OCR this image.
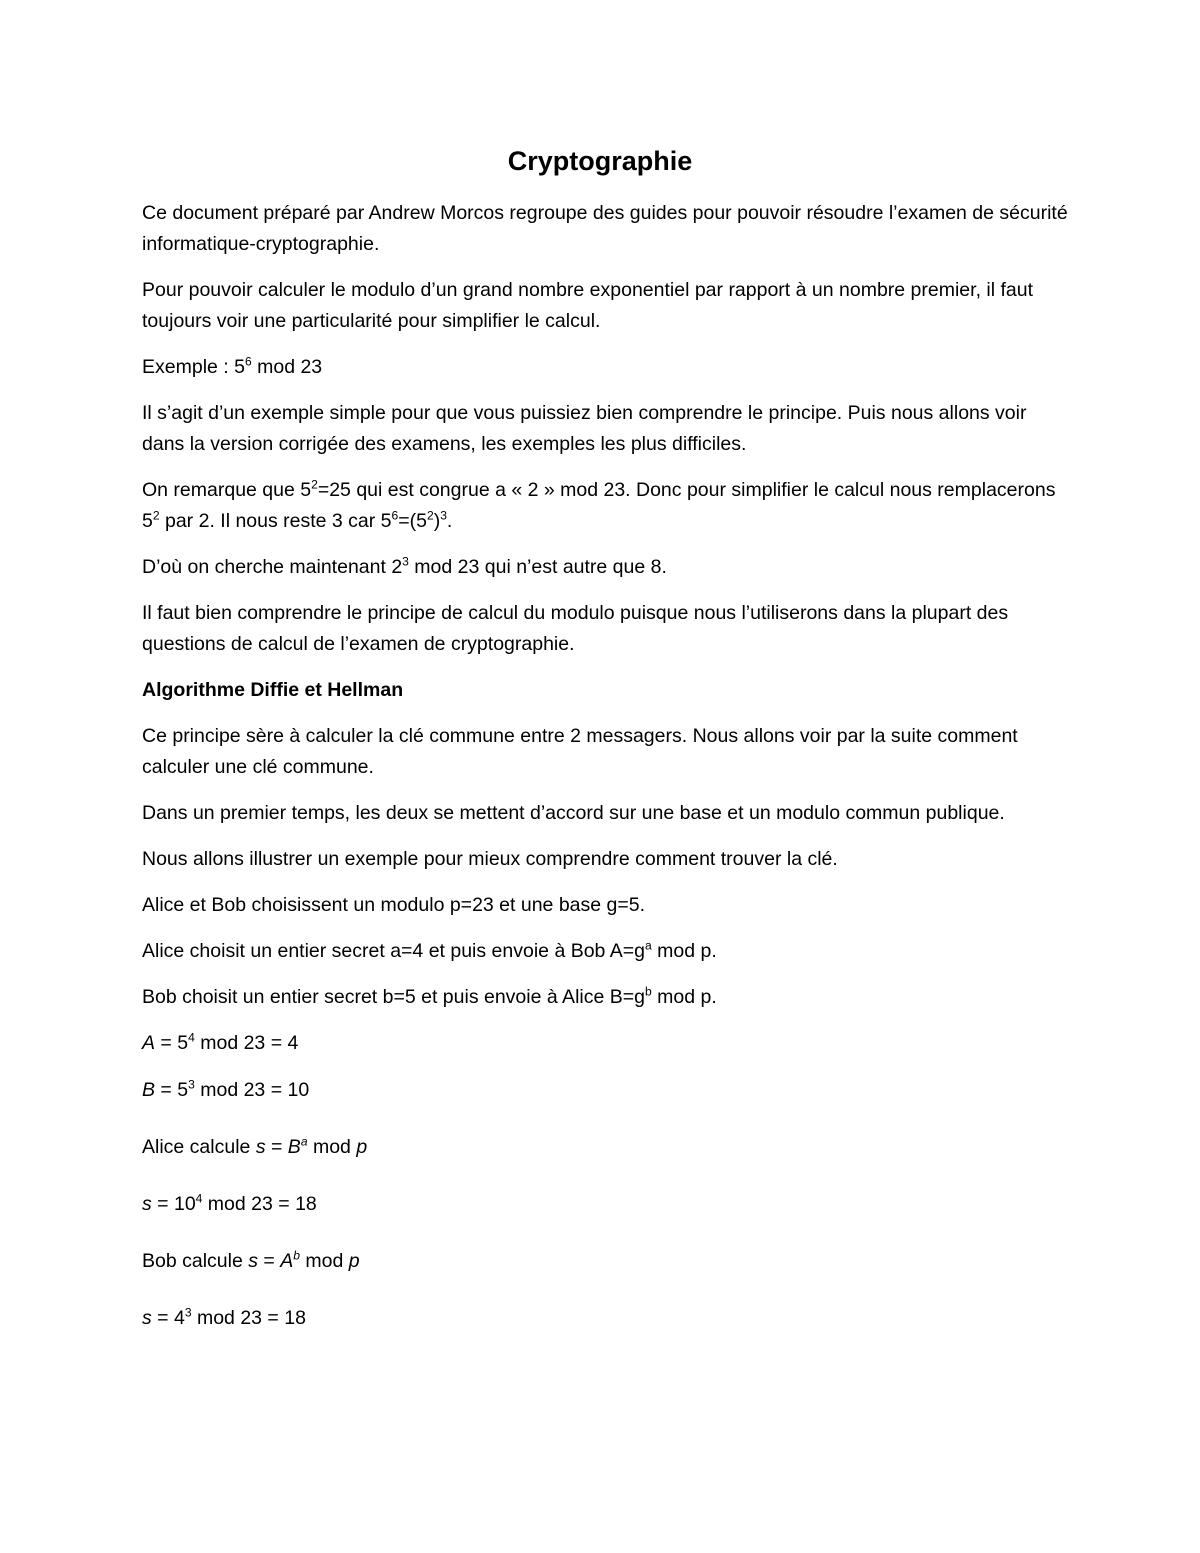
Cryptographie

Ce document préparé par Andrew Morcos regroupe des guides pour pouvoir résoudre l’examen de sécurité informatique-cryptographie.

Pour pouvoir calculer le modulo d’un grand nombre exponentiel par rapport à un nombre premier, il faut toujours voir une particularité pour simplifier le calcul.

Exemple : $5^6$ mod 23

Il s’agit d’un exemple simple pour que vous puissiez bien comprendre le principe. Puis nous allons voir dans la version corrigée des examens, les exemples les plus difficiles.

On remarque que $5^2=25$ qui est congrue a « 2 » mod 23. Donc pour simplifier le calcul nous remplacerons $5^2$ par 2. Il nous reste 3 car $5^6=(5^2)^3$.

D’où on cherche maintenant $2^3$ mod 23 qui n’est autre que 8.

Il faut bien comprendre le principe de calcul du modulo puisque nous l’utiliserons dans la plupart des questions de calcul de l’examen de cryptographie.

Algorithme Diffie et Hellman

Ce principe sère à calculer la clé commune entre 2 messagers. Nous allons voir par la suite comment calculer une clé commune.

Dans un premier temps, les deux se mettent d’accord sur une base et un modulo commun publique.

Nous allons illustrer un exemple pour mieux comprendre comment trouver la clé.

Alice et Bob choisissent un modulo p=23 et une base g=5.

Alice choisit un entier secret a=4 et puis envoie à Bob $A=g^a$ mod p.

Bob choisit un entier secret b=5 et puis envoie à Alice $B=g^b$ mod p.

$A = 5^4$ mod 23 = 4

$B = 5^3$ mod 23 = 10

Alice calcule $s = B^a$ mod p

$s = 10^4$ mod 23 = 18

Bob calcule $s = A^b$ mod p

$s = 4^3$ mod 23 = 18
